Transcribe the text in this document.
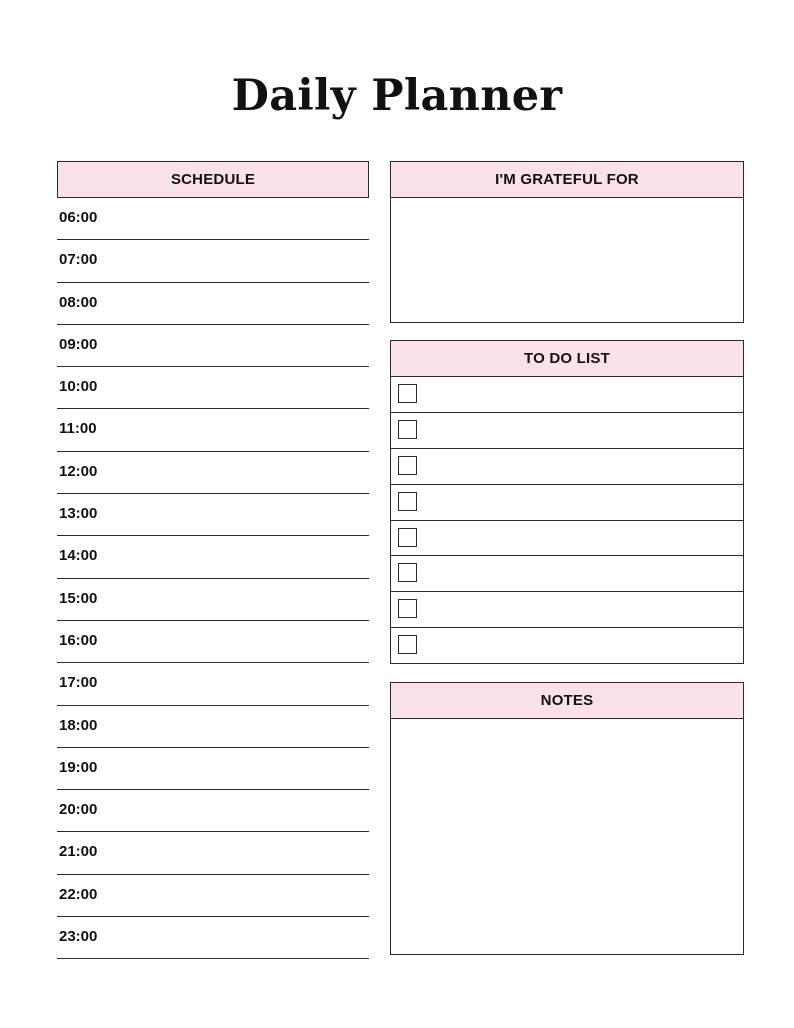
Daily Planner
SCHEDULE
06:00
07:00
08:00
09:00
10:00
11:00
12:00
13:00
14:00
15:00
16:00
17:00
18:00
19:00
20:00
21:00
22:00
23:00
I'M GRATEFUL FOR
TO DO LIST
NOTES
